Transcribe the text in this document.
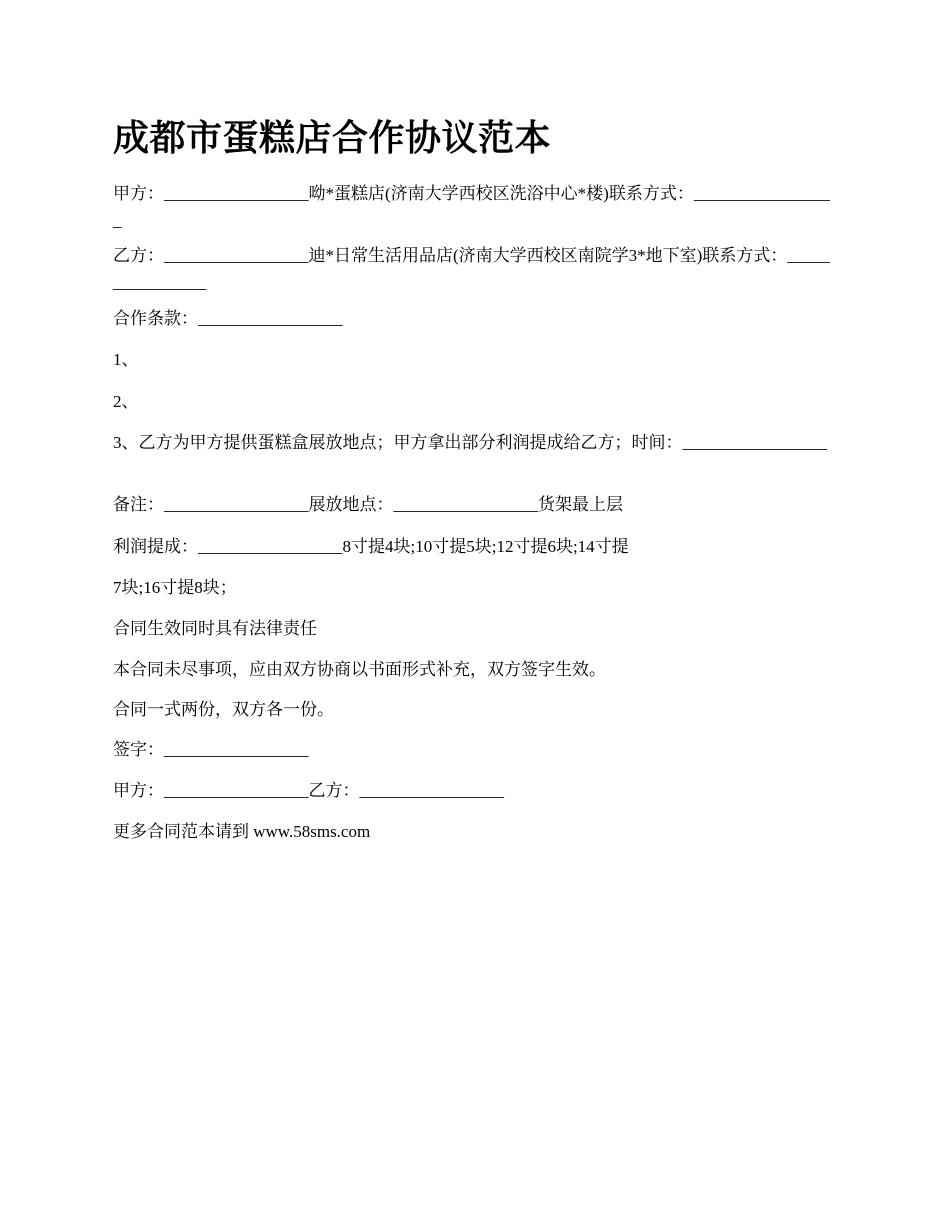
成都市蛋糕店合作协议范本
甲方：_________________呦*蛋糕店(济南大学西校区洗浴中心*楼)联系方式：_________________
乙方：_________________迪*日常生活用品店(济南大学西校区南院学3*地下室)联系方式：________________
合作条款：_________________
1、
2、
3、乙方为甲方提供蛋糕盒展放地点；甲方拿出部分利润提成给乙方；时间：_________________
备注：_________________展放地点：_________________货架最上层
利润提成：_________________8寸提4块;10寸提5块;12寸提6块;14寸提
7块;16寸提8块；
合同生效同时具有法律责任
本合同未尽事项，应由双方协商以书面形式补充，双方签字生效。
合同一式两份，双方各一份。
签字：_________________
甲方：_________________乙方：_________________
更多合同范本请到 www.58sms.com
